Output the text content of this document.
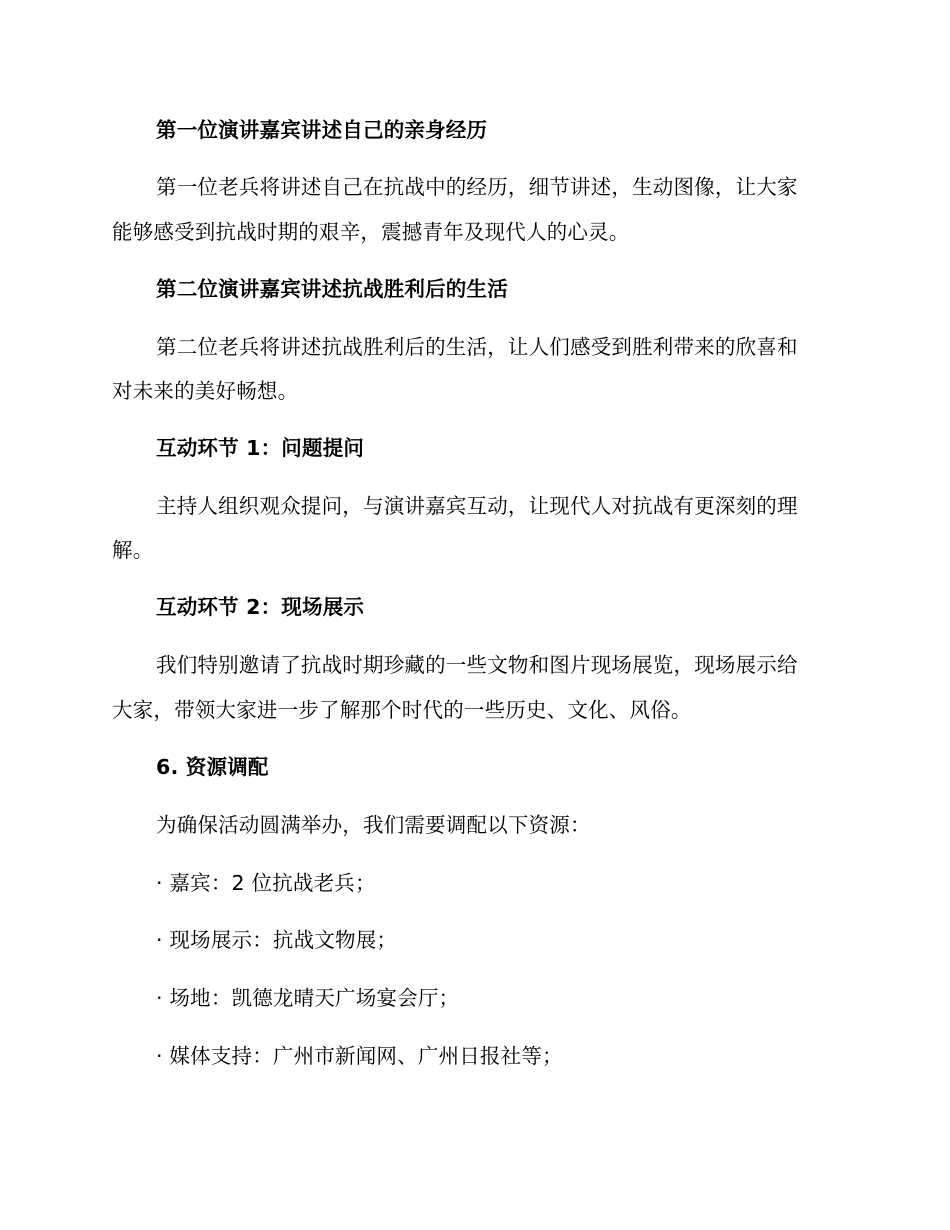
第一位演讲嘉宾讲述自己的亲身经历
第一位老兵将讲述自己在抗战中的经历，细节讲述，生动图像，让大家
能够感受到抗战时期的艰辛，震撼青年及现代人的心灵。
第二位演讲嘉宾讲述抗战胜利后的生活
第二位老兵将讲述抗战胜利后的生活，让人们感受到胜利带来的欣喜和
对未来的美好畅想。
互动环节 1：问题提问
主持人组织观众提问，与演讲嘉宾互动，让现代人对抗战有更深刻的理
解。
互动环节 2：现场展示
我们特别邀请了抗战时期珍藏的一些文物和图片现场展览，现场展示给
大家，带领大家进一步了解那个时代的一些历史、文化、风俗。
6. 资源调配
为确保活动圆满举办，我们需要调配以下资源：
· 嘉宾：2 位抗战老兵；
· 现场展示：抗战文物展；
· 场地：凯德龙晴天广场宴会厅；
· 媒体支持：广州市新闻网、广州日报社等；
